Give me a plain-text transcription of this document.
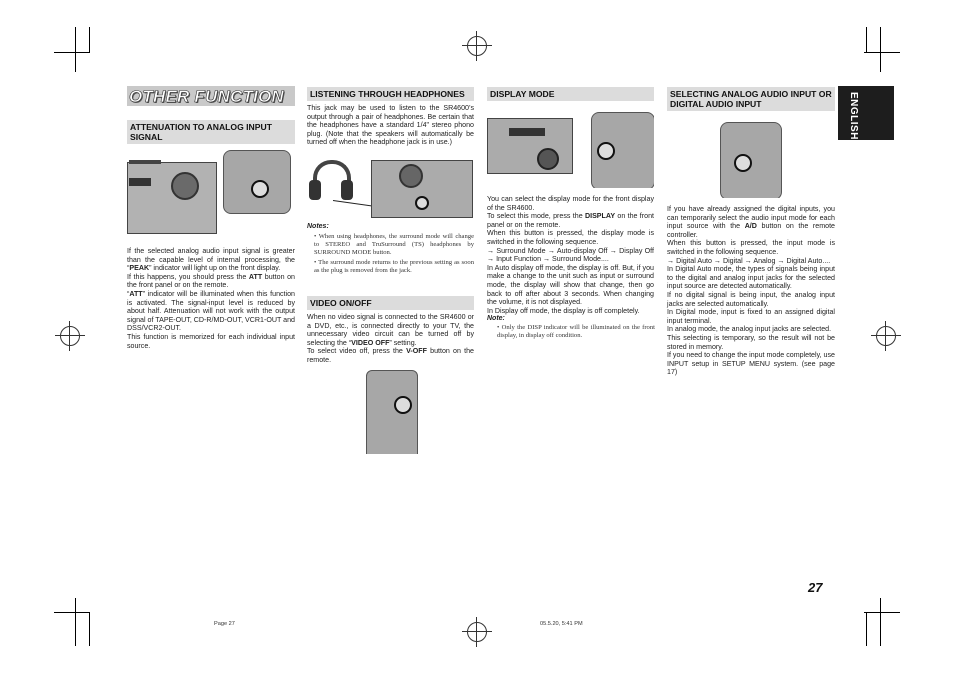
OTHER FUNCTION	ENGLISH
ATTENUATION TO ANALOG INPUT SIGNAL

If the selected analog audio input signal is greater than the capable level of internal processing, the “PEAK” indicator will light up on the front display.

If this happens, you should press the ATT button on the front panel or on the remote.

“ATT” indicator will be illuminated when this function is activated. The signal-input level is reduced by about half. Attenuation will not work with the output signal of TAPE-OUT, CD-R/MD-OUT, VCR1-OUT and DSS/VCR2-OUT.

This function is memorized for each individual input source.

LISTENING THROUGH HEADPHONES

This jack may be used to listen to the SR4600’s output through a pair of headphones. Be certain that the headphones have a standard 1/4" stereo phono plug. (Note that the speakers will automatically be turned off when the headphone jack is in use.)

Notes:

• When using headphones, the surround mode will change to STEREO and TruSurround (TS) headphones by SURROUND MODE button.

• The surround mode returns to the previous setting as soon as the plug is removed from the jack.

VIDEO ON/OFF

When no video signal is connected to the SR4600 or a DVD, etc., is connected directly to your TV, the unnecessary video circuit can be turned off by selecting the “VIDEO OFF” setting.

To select video off, press the V-OFF button on the remote.

DISPLAY MODE

You can select the display mode for the front display of the SR4600.

To select this mode, press the DISPLAY on the front panel or on the remote.

When this button is pressed, the display mode is switched in the following sequence.

→ Surround Mode → Auto-display Off → Display Off → Input Function → Surround Mode....

In Auto display off mode, the display is off. But, if you make a change to the unit such as input or surround mode, the display will show that change, then go back to off after about 3 seconds. When changing the volume, it is not displayed.

In Display off mode, the display is off completely.

Note:

• Only the DISP indicator will be illuminated on the front display, in display off condition.

SELECTING ANALOG AUDIO INPUT OR DIGITAL AUDIO INPUT

If you have already assigned the digital inputs, you can temporarily select the audio input mode for each input source with the A/D button on the remote controller.

When this button is pressed, the input mode is switched in the following sequence.

→ Digital Auto → Digital → Analog → Digital Auto....

In Digital Auto mode, the types of signals being input to the digital and analog input jacks for the selected input source are detected automatically.

If no digital signal is being input, the analog input jacks are selected automatically.

In Digital mode, input is fixed to an assigned digital input terminal.

In analog mode, the analog input jacks are selected.

This selecting is temporary, so the result will not be stored in memory.

If you need to change the input mode completely, use INPUT setup in SETUP MENU system. (see page 17)

27
Page 27	05.5.20, 5:41 PM
